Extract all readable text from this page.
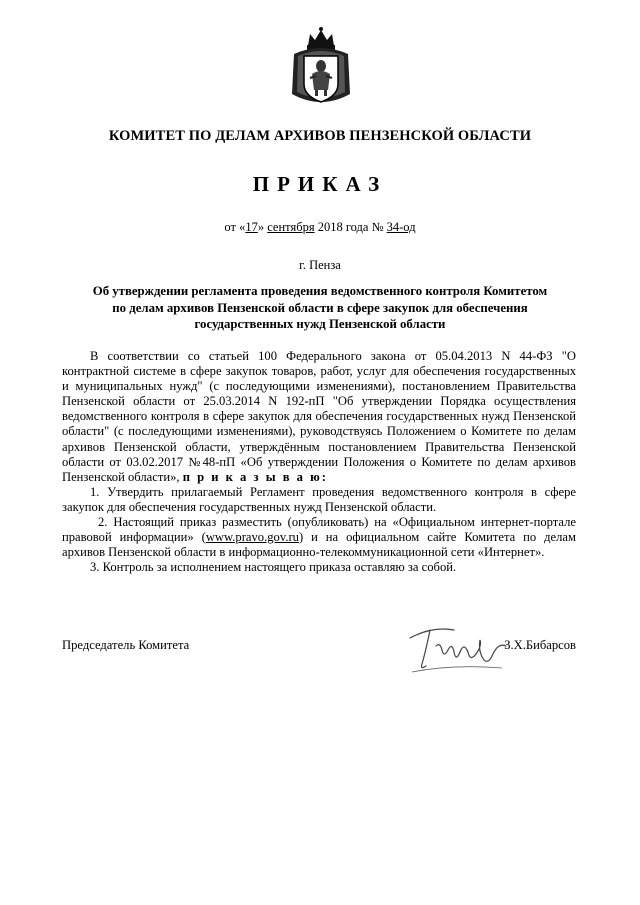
КОМИТЕТ ПО ДЕЛАМ АРХИВОВ ПЕНЗЕНСКОЙ ОБЛАСТИ
ПРИКАЗ
от «17» сентября 2018 года № 34-од
г. Пенза
Об утверждении регламента проведения ведомственного контроля Комитетом
по делам архивов Пензенской области в сфере закупок для обеспечения
государственных нужд Пензенской области

В соответствии со статьей 100 Федерального закона от 05.04.2013 N 44-ФЗ "О контрактной системе в сфере закупок товаров, работ, услуг для обеспечения государственных и муниципальных нужд" (с последующими изменениями), постановлением Правительства Пензенской области от 25.03.2014 N 192-пП "Об утверждении Порядка осуществления ведомственного контроля в сфере закупок для обеспечения государственных нужд Пензенской области" (с последующими изменениями), руководствуясь Положением о Комитете по делам архивов Пензенской области, утверждённым постановлением Правительства Пензенской области от 03.02.2017 №48-пП «Об утверждении Положения о Комитете по делам архивов Пензенской области», п р и к а з ы в а ю:

1. Утвердить прилагаемый Регламент проведения ведомственного контроля в сфере закупок для обеспечения государственных нужд Пензенской области.

2. Настоящий приказ разместить (опубликовать) на «Официальном интернет-портале правовой информации» (www.pravo.gov.ru) и на официальном сайте Комитета по делам архивов Пензенской области в информационно-телекоммуникационной сети «Интернет».

3. Контроль за исполнением настоящего приказа оставляю за собой.

Председатель Комитета	З.Х.Бибарсов
